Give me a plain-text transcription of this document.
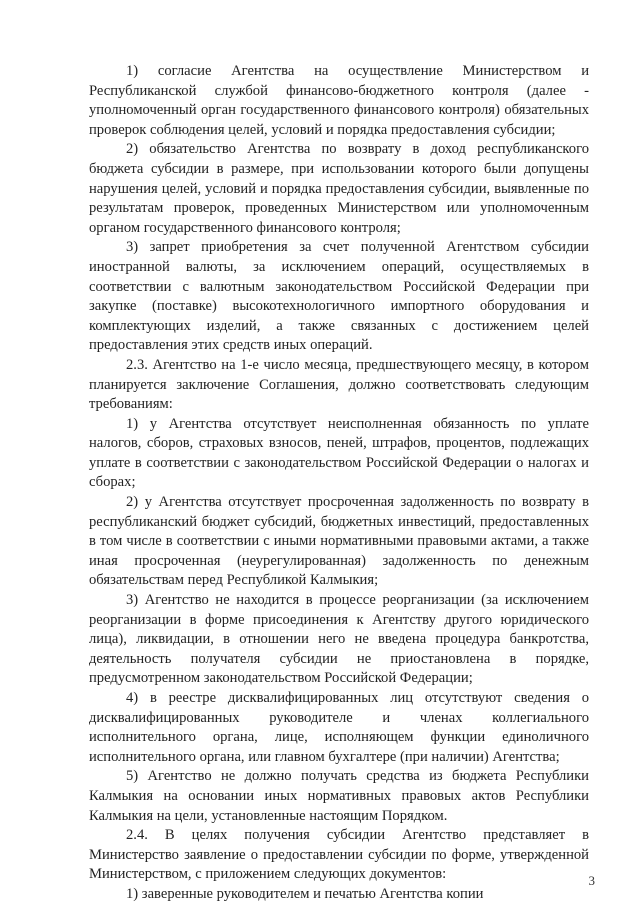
1) согласие Агентства на осуществление Министерством и Республиканской службой финансово-бюджетного контроля (далее - уполномоченный орган государственного финансового контроля) обязательных проверок соблюдения целей, условий и порядка предоставления субсидии;

2) обязательство Агентства по возврату в доход республиканского бюджета субсидии в размере, при использовании которого были допущены нарушения целей, условий и порядка предоставления субсидии, выявленные по результатам проверок, проведенных Министерством или уполномоченным органом государственного финансового контроля;

3) запрет приобретения за счет полученной Агентством субсидии иностранной валюты, за исключением операций, осуществляемых в соответствии с валютным законодательством Российской Федерации при закупке (поставке) высокотехнологичного импортного оборудования и комплектующих изделий, а также связанных с достижением целей предоставления этих средств иных операций.

2.3. Агентство на 1-е число месяца, предшествующего месяцу, в котором планируется заключение Соглашения, должно соответствовать следующим требованиям:

1) у Агентства отсутствует неисполненная обязанность по уплате налогов, сборов, страховых взносов, пеней, штрафов, процентов, подлежащих уплате в соответствии с законодательством Российской Федерации о налогах и сборах;

2) у Агентства отсутствует просроченная задолженность по возврату в республиканский бюджет субсидий, бюджетных инвестиций, предоставленных в том числе в соответствии с иными нормативными правовыми актами, а также иная просроченная (неурегулированная) задолженность по денежным обязательствам перед Республикой Калмыкия;

3) Агентство не находится в процессе реорганизации (за исключением реорганизации в форме присоединения к Агентству другого юридического лица), ликвидации, в отношении него не введена процедура банкротства, деятельность получателя субсидии не приостановлена в порядке, предусмотренном законодательством Российской Федерации;

4) в реестре дисквалифицированных лиц отсутствуют сведения о дисквалифицированных руководителе и членах коллегиального исполнительного органа, лице, исполняющем функции единоличного исполнительного органа, или главном бухгалтере (при наличии) Агентства;

5) Агентство не должно получать средства из бюджета Республики Калмыкия на основании иных нормативных правовых актов Республики Калмыкия на цели, установленные настоящим Порядком.

2.4. В целях получения субсидии Агентство представляет в Министерство заявление о предоставлении субсидии по форме, утвержденной Министерством, с приложением следующих документов:

1) заверенные руководителем и печатью Агентства копии

3
